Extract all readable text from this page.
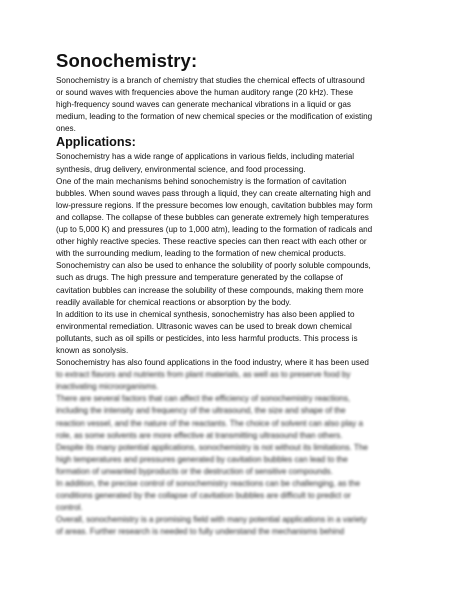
Sonochemistry:
Sonochemistry is a branch of chemistry that studies the chemical effects of ultrasound
or sound waves with frequencies above the human auditory range (20 kHz). These
high-frequency sound waves can generate mechanical vibrations in a liquid or gas
medium, leading to the formation of new chemical species or the modification of existing
ones.
Applications:
Sonochemistry has a wide range of applications in various fields, including material
synthesis, drug delivery, environmental science, and food processing.
One of the main mechanisms behind sonochemistry is the formation of cavitation
bubbles. When sound waves pass through a liquid, they can create alternating high and
low-pressure regions. If the pressure becomes low enough, cavitation bubbles may form
and collapse. The collapse of these bubbles can generate extremely high temperatures
(up to 5,000 K) and pressures (up to 1,000 atm), leading to the formation of radicals and
other highly reactive species. These reactive species can then react with each other or
with the surrounding medium, leading to the formation of new chemical products.
Sonochemistry can also be used to enhance the solubility of poorly soluble compounds,
such as drugs. The high pressure and temperature generated by the collapse of
cavitation bubbles can increase the solubility of these compounds, making them more
readily available for chemical reactions or absorption by the body.
In addition to its use in chemical synthesis, sonochemistry has also been applied to
environmental remediation. Ultrasonic waves can be used to break down chemical
pollutants, such as oil spills or pesticides, into less harmful products. This process is
known as sonolysis.
Sonochemistry has also found applications in the food industry, where it has been used
to extract flavors and nutrients from plant materials, as well as to preserve food by
inactivating microorganisms.
There are several factors that can affect the efficiency of sonochemistry reactions,
including the intensity and frequency of the ultrasound, the size and shape of the
reaction vessel, and the nature of the reactants. The choice of solvent can also play a
role, as some solvents are more effective at transmitting ultrasound than others.
Despite its many potential applications, sonochemistry is not without its limitations. The
high temperatures and pressures generated by cavitation bubbles can lead to the
formation of unwanted byproducts or the destruction of sensitive compounds.
In addition, the precise control of sonochemistry reactions can be challenging, as the
conditions generated by the collapse of cavitation bubbles are difficult to predict or
control.
Overall, sonochemistry is a promising field with many potential applications in a variety
of areas. Further research is needed to fully understand the mechanisms behind
